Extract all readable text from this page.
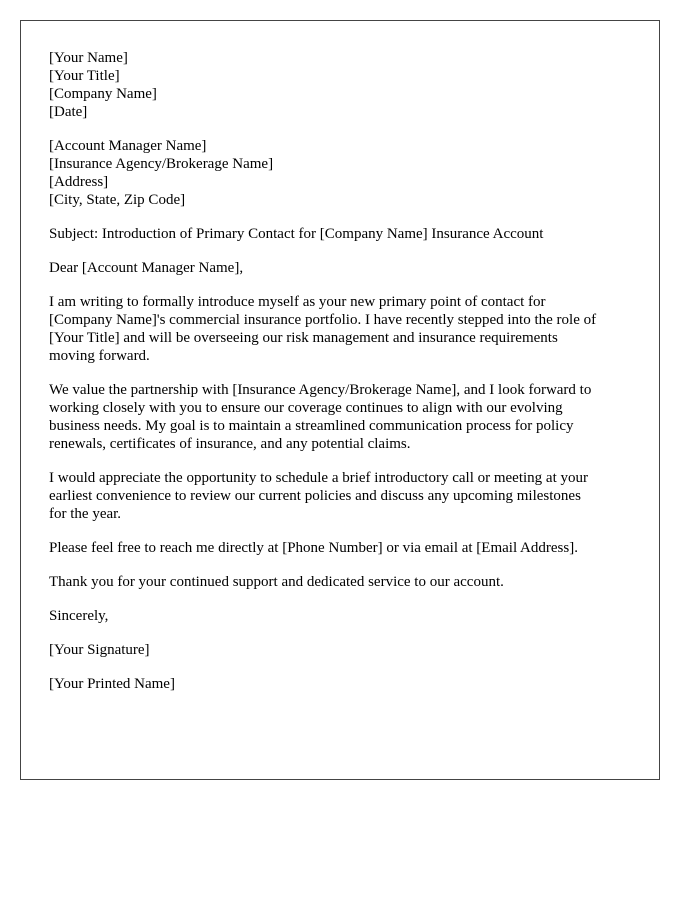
[Your Name]
[Your Title]
[Company Name]
[Date]
[Account Manager Name]
[Insurance Agency/Brokerage Name]
[Address]
[City, State, Zip Code]

Subject: Introduction of Primary Contact for [Company Name] Insurance Account

Dear [Account Manager Name],

I am writing to formally introduce myself as your new primary point of contact for
[Company Name]'s commercial insurance portfolio. I have recently stepped into the role of
[Your Title] and will be overseeing our risk management and insurance requirements
moving forward.
We value the partnership with [Insurance Agency/Brokerage Name], and I look forward to
working closely with you to ensure our coverage continues to align with our evolving
business needs. My goal is to maintain a streamlined communication process for policy
renewals, certificates of insurance, and any potential claims.
I would appreciate the opportunity to schedule a brief introductory call or meeting at your
earliest convenience to review our current policies and discuss any upcoming milestones
for the year.
Please feel free to reach me directly at [Phone Number] or via email at [Email Address].
Thank you for your continued support and dedicated service to our account.

Sincerely,

[Your Signature]

[Your Printed Name]
